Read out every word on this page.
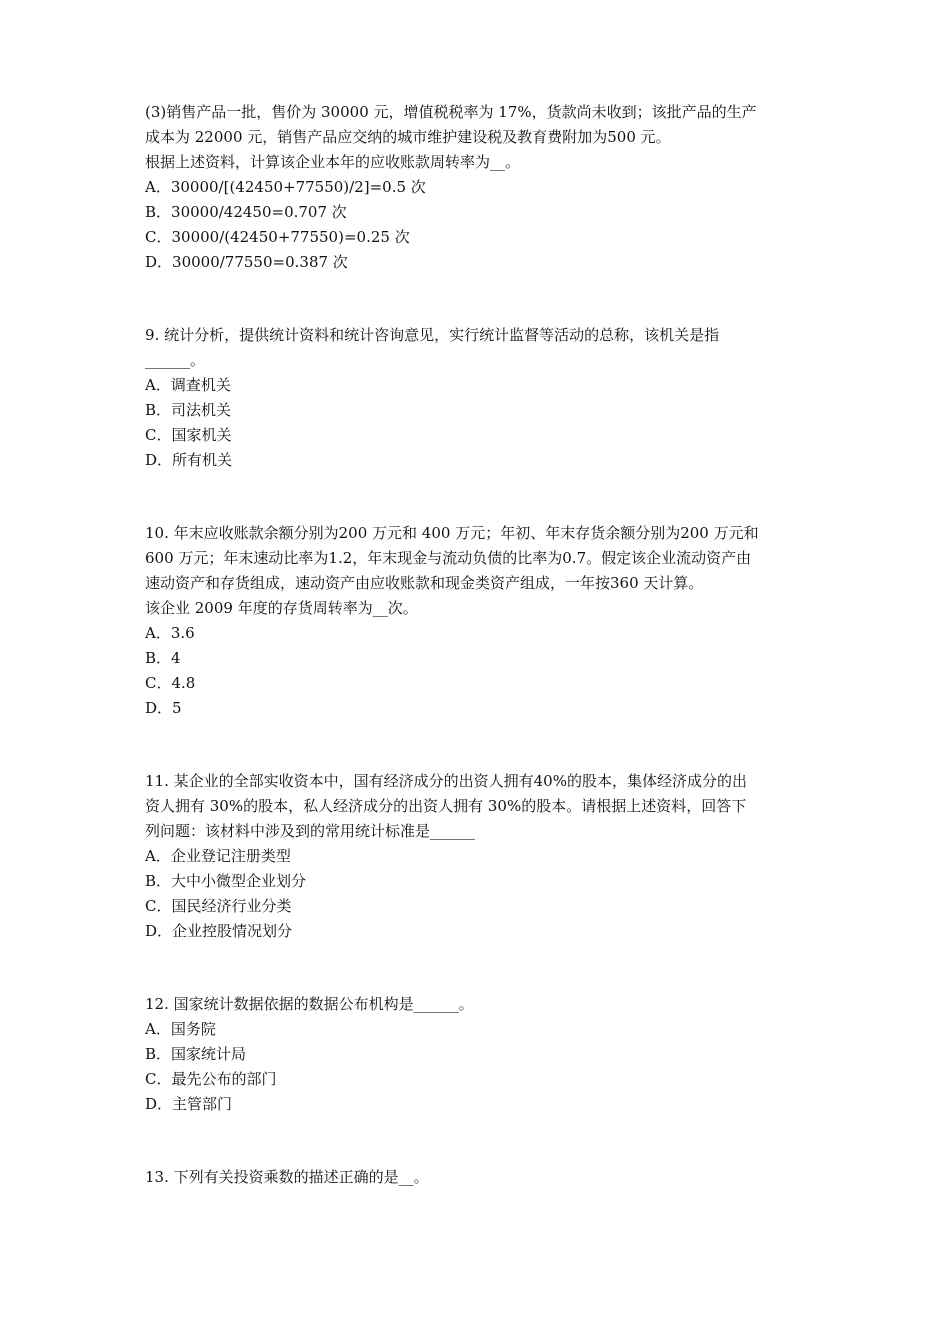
(3)销售产品一批，售价为 30000 元，增值税税率为 17%，货款尚未收到；该批产品的生产
成本为 22000 元，销售产品应交纳的城市维护建设税及教育费附加为500 元。
根据上述资料，计算该企业本年的应收账款周转率为__。
A．30000/[(42450+77550)/2]=0.5 次
B．30000/42450=0.707 次
C．30000/(42450+77550)=0.25 次
D．30000/77550=0.387 次
9. 统计分析，提供统计资料和统计咨询意见，实行统计监督等活动的总称，该机关是指
______。
A．调查机关
B．司法机关
C．国家机关
D．所有机关
10. 年末应收账款余额分别为200 万元和 400 万元；年初、年末存货余额分别为200 万元和
600 万元；年末速动比率为1.2，年末现金与流动负债的比率为0.7。假定该企业流动资产由
速动资产和存货组成，速动资产由应收账款和现金类资产组成，一年按360 天计算。
该企业 2009 年度的存货周转率为__次。
A．3.6
B．4
C．4.8
D．5
11. 某企业的全部实收资本中，国有经济成分的出资人拥有40%的股本，集体经济成分的出
资人拥有 30%的股本，私人经济成分的出资人拥有 30%的股本。请根据上述资料，回答下
列问题：该材料中涉及到的常用统计标准是______
A．企业登记注册类型
B．大中小微型企业划分
C．国民经济行业分类
D．企业控股情况划分
12. 国家统计数据依据的数据公布机构是______。
A．国务院
B．国家统计局
C．最先公布的部门
D．主管部门
13. 下列有关投资乘数的描述正确的是__。
